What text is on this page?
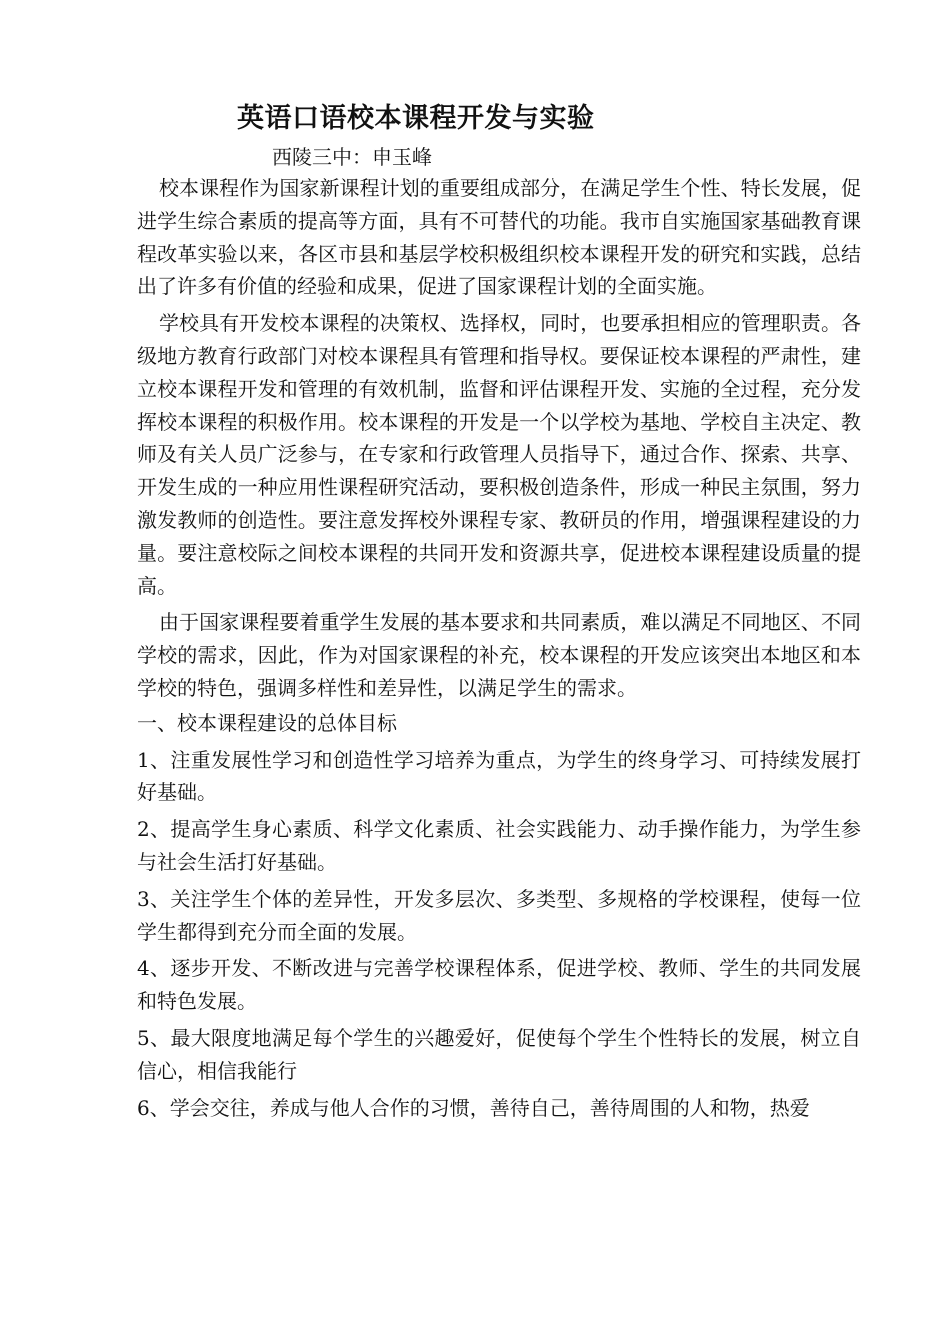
英语口语校本课程开发与实验
西陵三中：申玉峰

校本课程作为国家新课程计划的重要组成部分，在满足学生个性、特长发展，促进学生综合素质的提高等方面，具有不可替代的功能。我市自实施国家基础教育课程改革实验以来，各区市县和基层学校积极组织校本课程开发的研究和实践，总结出了许多有价值的经验和成果，促进了国家课程计划的全面实施。

学校具有开发校本课程的决策权、选择权，同时，也要承担相应的管理职责。各级地方教育行政部门对校本课程具有管理和指导权。要保证校本课程的严肃性，建立校本课程开发和管理的有效机制，监督和评估课程开发、实施的全过程，充分发挥校本课程的积极作用。校本课程的开发是一个以学校为基地、学校自主决定、教师及有关人员广泛参与，在专家和行政管理人员指导下，通过合作、探索、共享、开发生成的一种应用性课程研究活动，要积极创造条件，形成一种民主氛围，努力激发教师的创造性。要注意发挥校外课程专家、教研员的作用，增强课程建设的力量。要注意校际之间校本课程的共同开发和资源共享，促进校本课程建设质量的提高。

由于国家课程要着重学生发展的基本要求和共同素质，难以满足不同地区、不同学校的需求，因此，作为对国家课程的补充，校本课程的开发应该突出本地区和本学校的特色，强调多样性和差异性，以满足学生的需求。

一、校本课程建设的总体目标

1、注重发展性学习和创造性学习培养为重点，为学生的终身学习、可持续发展打好基础。

2、提高学生身心素质、科学文化素质、社会实践能力、动手操作能力，为学生参与社会生活打好基础。

3、关注学生个体的差异性，开发多层次、多类型、多规格的学校课程，使每一位学生都得到充分而全面的发展。

4、逐步开发、不断改进与完善学校课程体系，促进学校、教师、学生的共同发展和特色发展。

5、最大限度地满足每个学生的兴趣爱好，促使每个学生个性特长的发展，树立自信心，相信我能行

6、学会交往，养成与他人合作的习惯，善待自己，善待周围的人和物，热爱
